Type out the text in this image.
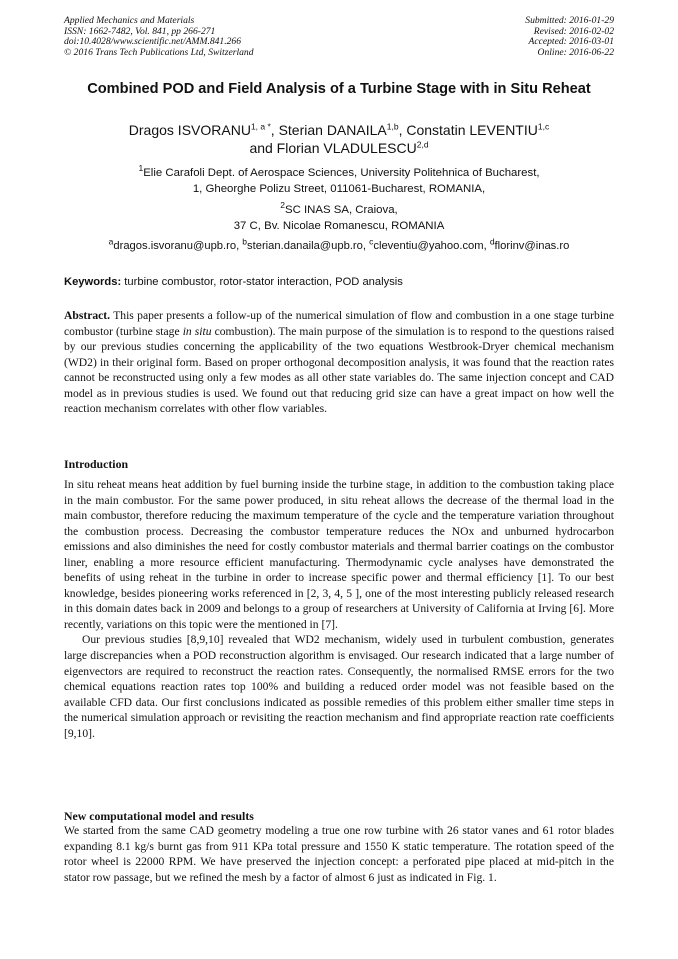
Applied Mechanics and Materials
ISSN: 1662-7482, Vol. 841, pp 266-271
doi:10.4028/www.scientific.net/AMM.841.266
© 2016 Trans Tech Publications Ltd, Switzerland
Submitted: 2016-01-29
Revised: 2016-02-02
Accepted: 2016-03-01
Online: 2016-06-22
Combined POD and Field Analysis of a Turbine Stage with in Situ Reheat
Dragos $ISVORANU^{1, a *}$, Sterian DANAILA$^{1,b}$, Constatin LEVENTIU$^{1,c}$
and Florian VLADULESCU$^{2,d}$
$^1$Elie Carafoli Dept. of Aerospace Sciences, University Politehnica of Bucharest,
1, Gheorghe Polizu Street, 011061-Bucharest, ROMANIA,
$^2$SC INAS SA, Craiova,
37 C, Bv. Nicolae Romanescu, ROMANIA
$^a$dragos.isvoranu@upb.ro, $^b$sterian.danaila@upb.ro, $^c$cleventiu@yahoo.com, $^d$florinv@inas.ro
Keywords: turbine combustor, rotor-stator interaction, POD analysis
Abstract. This paper presents a follow-up of the numerical simulation of flow and combustion in a one stage turbine combustor (turbine stage in situ combustion). The main purpose of the simulation is to respond to the questions raised by our previous studies concerning the applicability of the two equations Westbrook-Dryer chemical mechanism (WD2) in their original form. Based on proper orthogonal decomposition analysis, it was found that the reaction rates cannot be reconstructed using only a few modes as all other state variables do. The same injection concept and CAD model as in previous studies is used. We found out that reducing grid size can have a great impact on how well the reaction mechanism correlates with other flow variables.
Introduction

In situ reheat means heat addition by fuel burning inside the turbine stage, in addition to the combustion taking place in the main combustor. For the same power produced, in situ reheat allows the decrease of the thermal load in the main combustor, therefore reducing the maximum temperature of the cycle and the temperature variation throughout the combustion process. Decreasing the combustor temperature reduces the NOx and unburned hydrocarbon emissions and also diminishes the need for costly combustor materials and thermal barrier coatings on the combustor liner, enabling a more resource efficient manufacturing. Thermodynamic cycle analyses have demonstrated the benefits of using reheat in the turbine in order to increase specific power and thermal efficiency [1]. To our best knowledge, besides pioneering works referenced in [2, 3, 4, 5 ], one of the most interesting publicly released research in this domain dates back in 2009 and belongs to a group of researchers at University of California at Irving [6]. More recently, variations on this topic were the mentioned in [7].

Our previous studies [8,9,10] revealed that WD2 mechanism, widely used in turbulent combustion, generates large discrepancies when a POD reconstruction algorithm is envisaged. Our research indicated that a large number of eigenvectors are required to reconstruct the reaction rates. Consequently, the normalised RMSE errors for the two chemical equations reaction rates top 100% and building a reduced order model was not feasible based on the available CFD data. Our first conclusions indicated as possible remedies of this problem either smaller time steps in the numerical simulation approach or revisiting the reaction mechanism and find appropriate reaction rate coefficients [9,10].

New computational model and results

We started from the same CAD geometry modeling a true one row turbine with 26 stator vanes and 61 rotor blades expanding 8.1 kg/s burnt gas from 911 KPa total pressure and 1550 K static temperature. The rotation speed of the rotor wheel is 22000 RPM. We have preserved the injection concept: a perforated pipe placed at mid-pitch in the stator row passage, but we refined the mesh by a factor of almost 6 just as indicated in Fig. 1.
